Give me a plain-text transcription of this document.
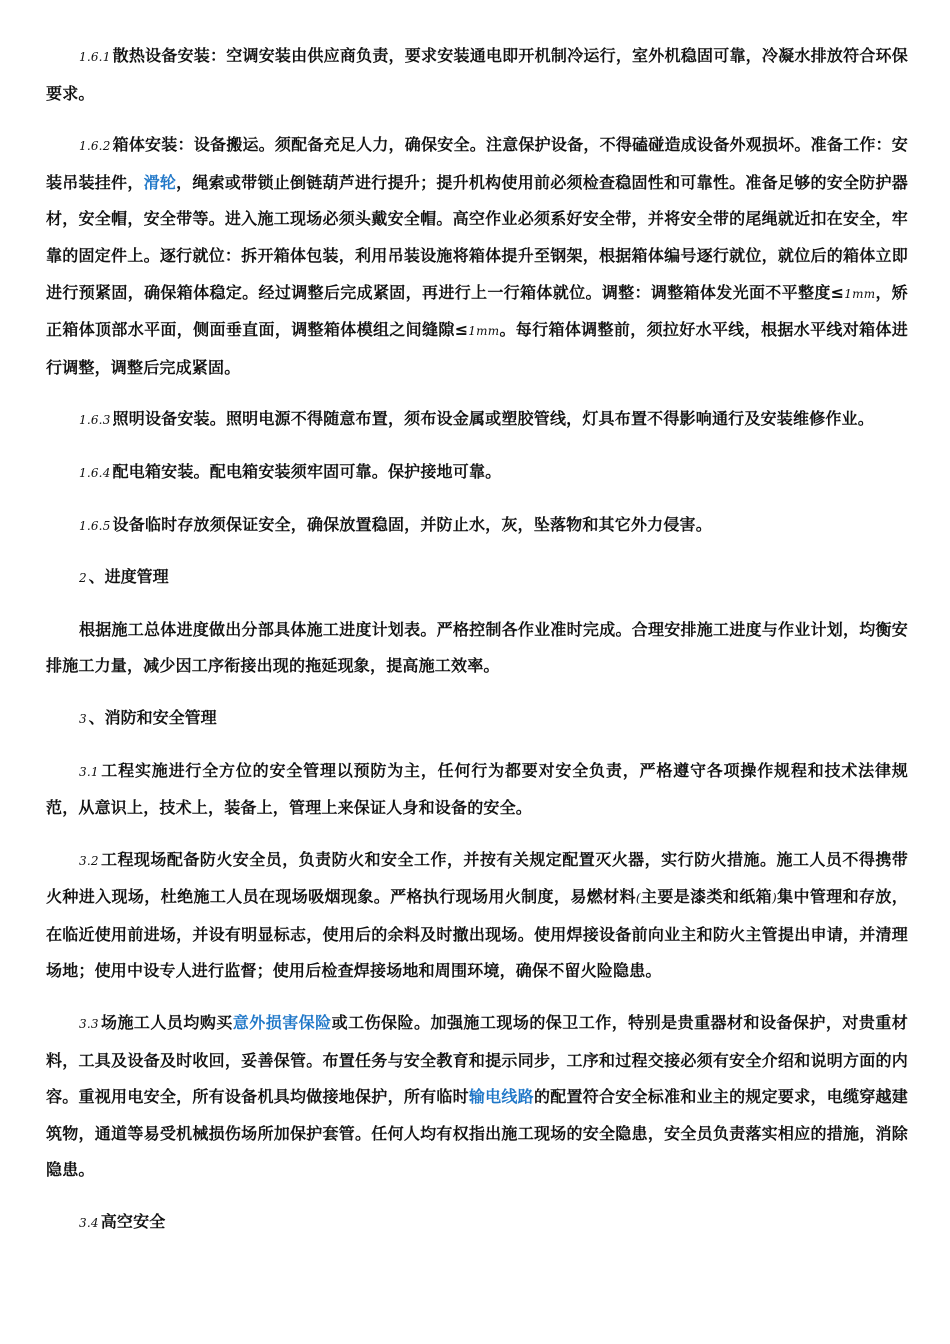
1.6.1 散热设备安装：空调安装由供应商负责，要求安装通电即开机制冷运行，室外机稳固可靠，冷凝水排放符合环保要求。

1.6.2 箱体安装：设备搬运。须配备充足人力，确保安全。注意保护设备，不得磕碰造成设备外观损坏。准备工作：安装吊装挂件，滑轮，绳索或带锁止倒链葫芦进行提升；提升机构使用前必须检查稳固性和可靠性。准备足够的安全防护器材，安全帽，安全带等。进入施工现场必须头戴安全帽。高空作业必须系好安全带，并将安全带的尾绳就近扣在安全，牢靠的固定件上。逐行就位：拆开箱体包装，利用吊装设施将箱体提升至钢架，根据箱体编号逐行就位，就位后的箱体立即进行预紧固，确保箱体稳定。经过调整后完成紧固，再进行上一行箱体就位。调整：调整箱体发光面不平整度≤1mm，矫正箱体顶部水平面，侧面垂直面，调整箱体模组之间缝隙≤1mm。每行箱体调整前，须拉好水平线，根据水平线对箱体进行调整，调整后完成紧固。

1.6.3 照明设备安装。照明电源不得随意布置，须布设金属或塑胶管线，灯具布置不得影响通行及安装维修作业。

1.6.4 配电箱安装。配电箱安装须牢固可靠。保护接地可靠。

1.6.5 设备临时存放须保证安全，确保放置稳固，并防止水，灰，坠落物和其它外力侵害。

2 、进度管理

根据施工总体进度做出分部具体施工进度计划表。严格控制各作业准时完成。合理安排施工进度与作业计划，均衡安排施工力量，减少因工序衔接出现的拖延现象，提高施工效率。

3 、消防和安全管理

3.1 工程实施进行全方位的安全管理以预防为主，任何行为都要对安全负责，严格遵守各项操作规程和技术法律规范，从意识上，技术上，装备上，管理上来保证人身和设备的安全。

3.2 工程现场配备防火安全员，负责防火和安全工作，并按有关规定配置灭火器，实行防火措施。施工人员不得携带火种进入现场，杜绝施工人员在现场吸烟现象。严格执行现场用火制度，易燃材料(主要是漆类和纸箱)集中管理和存放，在临近使用前进场，并设有明显标志，使用后的余料及时撤出现场。使用焊接设备前向业主和防火主管提出申请，并清理场地；使用中设专人进行监督；使用后检查焊接场地和周围环境，确保不留火险隐患。

3.3 场施工人员均购买意外损害保险或工伤保险。加强施工现场的保卫工作，特别是贵重器材和设备保护，对贵重材料，工具及设备及时收回，妥善保管。布置任务与安全教育和提示同步，工序和过程交接必须有安全介绍和说明方面的内容。重视用电安全，所有设备机具均做接地保护，所有临时输电线路的配置符合安全标准和业主的规定要求，电缆穿越建筑物，通道等易受机械损伤场所加保护套管。任何人均有权指出施工现场的安全隐患，安全员负责落实相应的措施，消除隐患。

3.4 高空安全
